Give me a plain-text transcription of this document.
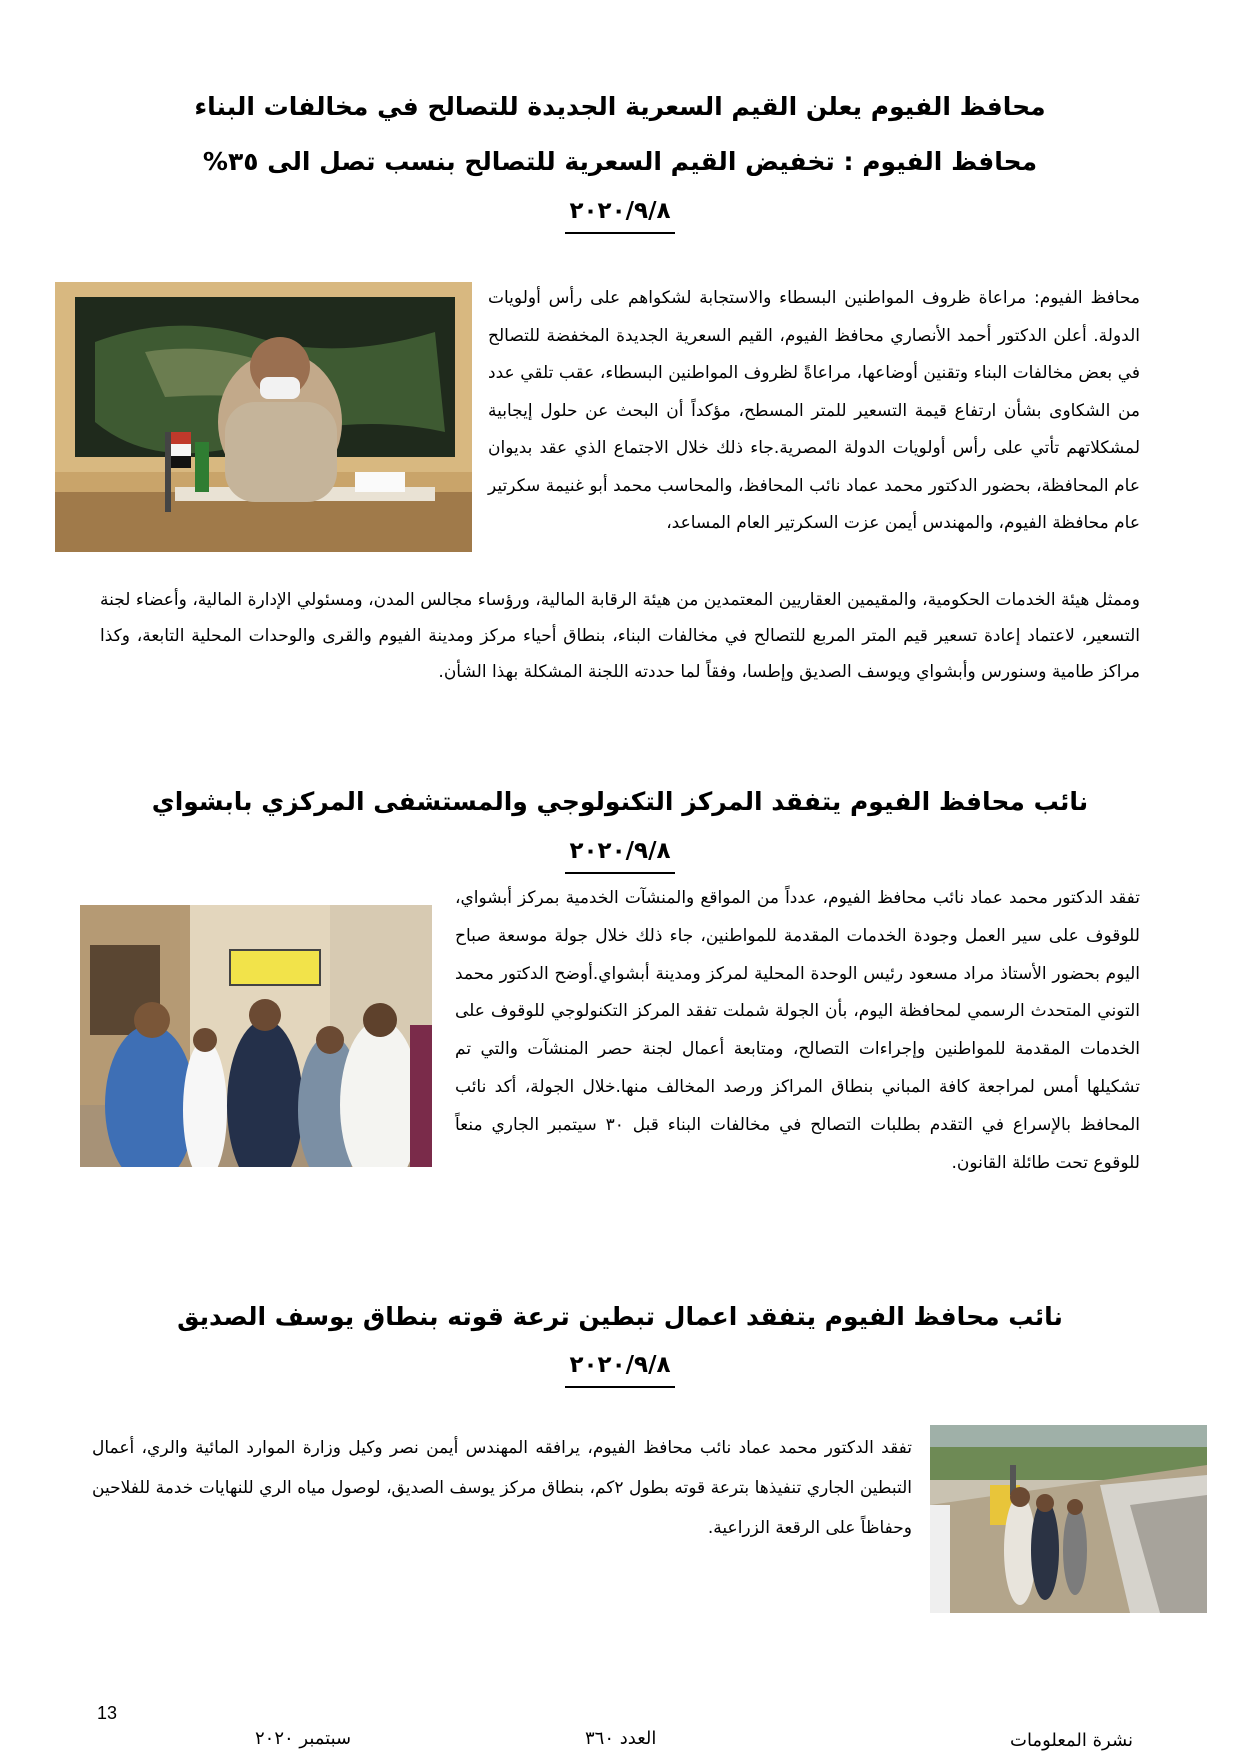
محافظ الفيوم يعلن القيم السعرية الجديدة للتصالح في مخالفات البناء
محافظ الفيوم : تخفيض القيم السعرية للتصالح بنسب تصل الى ٣٥%
٢٠٢٠/٩/٨

محافظ الفيوم: مراعاة ظروف المواطنين البسطاء والاستجابة لشكواهم على رأس أولويات الدولة. أعلن الدكتور أحمد الأنصاري محافظ الفيوم، القيم السعرية الجديدة المخفضة للتصالح في بعض مخالفات البناء وتقنين أوضاعها، مراعاةً لظروف المواطنين البسطاء، عقب تلقي عدد من الشكاوى بشأن ارتفاع قيمة التسعير للمتر المسطح، مؤكداً أن البحث عن حلول إيجابية لمشكلاتهم تأتي على رأس أولويات الدولة المصرية.جاء ذلك خلال الاجتماع الذي عقد بديوان عام المحافظة، بحضور الدكتور محمد عماد نائب المحافظ، والمحاسب محمد أبو غنيمة سكرتير عام محافظة الفيوم، والمهندس أيمن عزت السكرتير العام المساعد،

وممثل هيئة الخدمات الحكومية، والمقيمين العقاريين المعتمدين من هيئة الرقابة المالية، ورؤساء مجالس المدن، ومسئولي الإدارة المالية، وأعضاء لجنة التسعير، لاعتماد إعادة تسعير قيم المتر المربع للتصالح في مخالفات البناء، بنطاق أحياء مركز ومدينة الفيوم والقرى والوحدات المحلية التابعة، وكذا مراكز طامية وسنورس وأبشواي ويوسف الصديق وإطسا، وفقاً لما حددته اللجنة المشكلة بهذا الشأن.

نائب محافظ الفيوم يتفقد المركز التكنولوجي والمستشفى المركزي بابشواي
٢٠٢٠/٩/٨

تفقد الدكتور محمد عماد نائب محافظ الفيوم، عدداً من المواقع والمنشآت الخدمية بمركز أبشواي، للوقوف على سير العمل وجودة الخدمات المقدمة للمواطنين، جاء ذلك خلال جولة موسعة صباح اليوم بحضور الأستاذ مراد مسعود رئيس الوحدة المحلية لمركز ومدينة أبشواي.أوضح الدكتور محمد التوني المتحدث الرسمي لمحافظة اليوم، بأن الجولة شملت تفقد المركز التكنولوجي للوقوف على الخدمات المقدمة للمواطنين وإجراءات التصالح، ومتابعة أعمال لجنة حصر المنشآت والتي تم تشكيلها أمس لمراجعة كافة المباني بنطاق المراكز ورصد المخالف منها.خلال الجولة، أكد نائب المحافظ بالإسراع في التقدم بطلبات التصالح في مخالفات البناء قبل ٣٠ سيتمبر الجاري منعاً للوقوع تحت طائلة القانون.

نائب محافظ الفيوم يتفقد اعمال تبطين ترعة قوته بنطاق يوسف الصديق
٢٠٢٠/٩/٨

تفقد الدكتور محمد عماد نائب محافظ الفيوم، يرافقه المهندس أيمن نصر وكيل وزارة الموارد المائية والري، أعمال التبطين الجاري تنفيذها بترعة قوته بطول ٢كم، بنطاق مركز يوسف الصديق، لوصول مياه الري للنهايات خدمة للفلاحين وحفاظاً على الرقعة الزراعية.

13
سبتمبر ٢٠٢٠	العدد ٣٦٠	نشرة المعلومات
